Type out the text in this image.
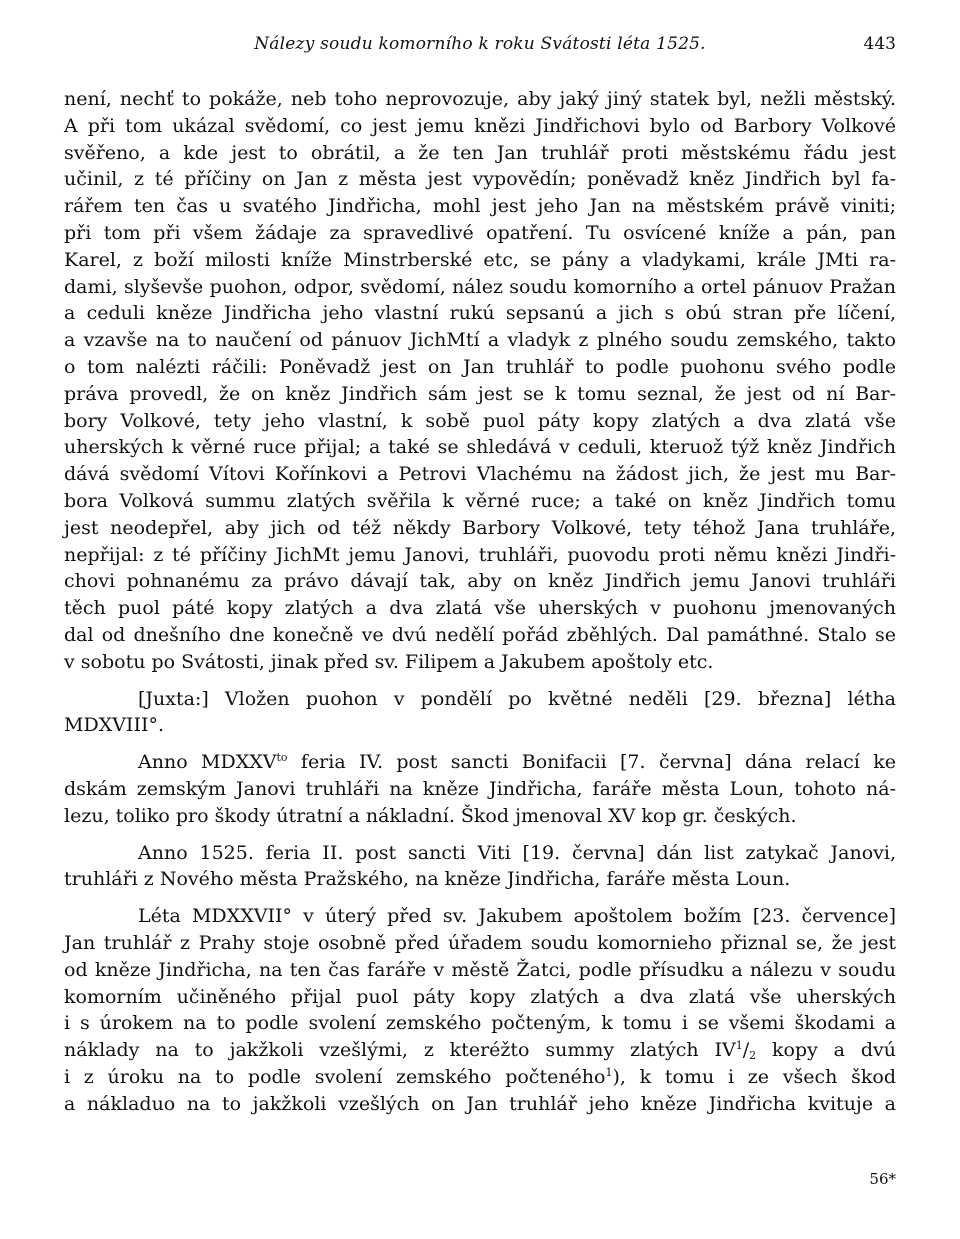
Nálezy soudu komorního k roku Svátosti léta 1525.	443
není, nechť to pokáže, neb toho neprovozuje, aby jaký jiný statek byl, nežli městský.
A při tom ukázal svědomí, co jest jemu knězi Jindřichovi bylo od Barbory Volkové
svěřeno, a kde jest to obrátil, a že ten Jan truhlář proti městskému řádu jest
učinil, z té příčiny on Jan z města jest vypovědín; poněvadž kněz Jindřich byl fa-
rářem ten čas u svatého Jindřicha, mohl jest jeho Jan na městském právě viniti;
při tom při všem žádaje za spravedlivé opatření. Tu osvícené kníže a pán, pan
Karel, z boží milosti kníže Minstrberské etc, se pány a vladykami, krále JMti ra-
dami, slyševše puohon, odpor, svědomí, nález soudu komorního a ortel pánuov Pražan
a ceduli kněze Jindřicha jeho vlastní rukú sepsanú a jich s obú stran pře líčení,
a vzavše na to naučení od pánuov JichMtí a vladyk z plného soudu zemského, takto
o tom nalézti ráčili: Poněvadž jest on Jan truhlář to podle puohonu svého podle
práva provedl, že on kněz Jindřich sám jest se k tomu seznal, že jest od ní Bar-
bory Volkové, tety jeho vlastní, k sobě puol páty kopy zlatých a dva zlatá vše
uherských k věrné ruce přijal; a také se shledává v ceduli, kteruož týž kněz Jindřich
dává svědomí Vítovi Kořínkovi a Petrovi Vlachému na žádost jich, že jest mu Bar-
bora Volková summu zlatých svěřila k věrné ruce; a také on kněz Jindřich tomu
jest neodepřel, aby jich od též někdy Barbory Volkové, tety téhož Jana truhláře,
nepřijal: z té příčiny JichMt jemu Janovi, truhláři, puovodu proti němu knězi Jindři-
chovi pohnanému za právo dávají tak, aby on kněz Jindřich jemu Janovi truhláři
těch puol páté kopy zlatých a dva zlatá vše uherských v puohonu jmenovaných
dal od dnešního dne konečně ve dvú nedělí pořád zběhlých. Dal památhné. Stalo se
v sobotu po Svátosti, jinak před sv. Filipem a Jakubem apoštoly etc.
[Juxta:] Vložen puohon v pondělí po květné neděli [29. března] létha
MDXVIII°.
Anno $MDXXV^{to}$ feria IV. post sancti Bonifacii [7. června] dána relací ke
dskám zemským Janovi truhláři na kněze Jindřicha, faráře města Loun, tohoto ná-
lezu, toliko pro škody útratní a nákladní. Škod jmenoval XV kop gr. českých.
Anno 1525. feria II. post sancti Viti [19. června] dán list zatykač Janovi,
truhláři z Nového města Pražského, na kněze Jindřicha, faráře města Loun.
Léta MDXXVII° v úterý před sv. Jakubem apoštolem božím [23. července]
Jan truhlář z Prahy stoje osobně před úřadem soudu komornieho přiznal se, že jest
od kněze Jindřicha, na ten čas faráře v městě Žatci, podle přísudku a nálezu v soudu
komorním učiněného přijal puol páty kopy zlatých a dva zlatá vše uherských
i s úrokem na to podle svolení zemského počteným, k tomu i se všemi škodami a
náklady na to jakžkoli vzešlými, z kteréžto summy zlatých $IV^1/_2$ kopy a dvú
i z úroku na to podle svolení zemského počteného$^1$), k tomu i ze všech škod
a nákladuo na to jakžkoli vzešlých on Jan truhlář jeho kněze Jindřicha kvituje a
56*
